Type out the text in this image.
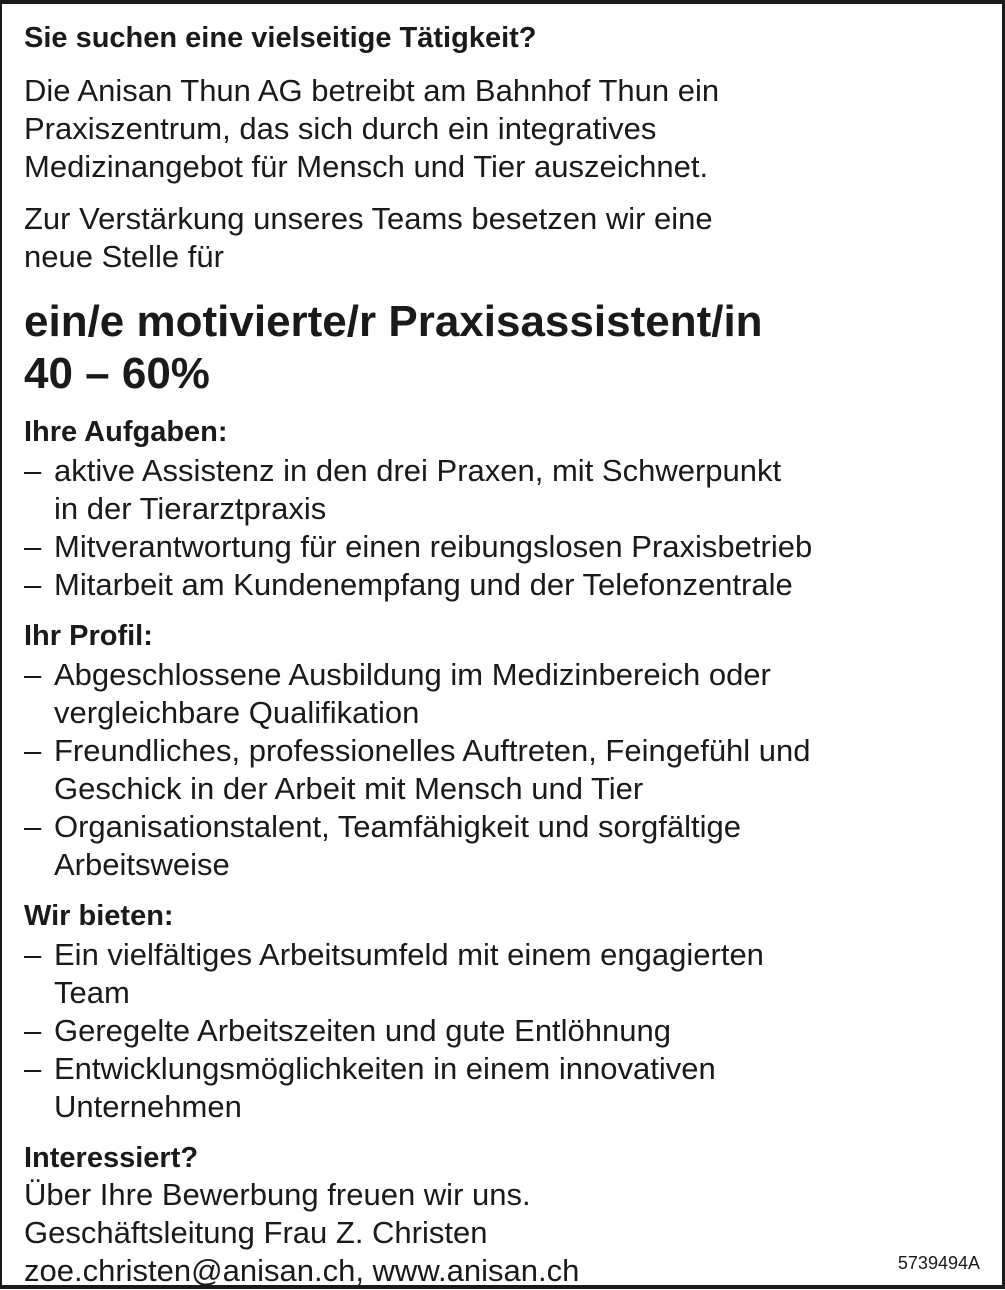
Sie suchen eine vielseitige Tätigkeit?
Die Anisan Thun AG betreibt am Bahnhof Thun ein
Praxiszentrum, das sich durch ein integratives
Medizinangebot für Mensch und Tier auszeichnet.
Zur Verstärkung unseres Teams besetzen wir eine
neue Stelle für
ein/e motivierte/r Praxisassistent/in
40 – 60%
Ihre Aufgaben:
– aktive Assistenz in den drei Praxen, mit Schwerpunkt
in der Tierarztpraxis
– Mitverantwortung für einen reibungslosen Praxisbetrieb
– Mitarbeit am Kundenempfang und der Telefonzentrale
Ihr Profil:
– Abgeschlossene Ausbildung im Medizinbereich oder
vergleichbare Qualifikation
– Freundliches, professionelles Auftreten, Feingefühl und
Geschick in der Arbeit mit Mensch und Tier
– Organisationstalent, Teamfähigkeit und sorgfältige
Arbeitsweise
Wir bieten:
– Ein vielfältiges Arbeitsumfeld mit einem engagierten
Team
– Geregelte Arbeitszeiten und gute Entlöhnung
– Entwicklungsmöglichkeiten in einem innovativen
Unternehmen
Interessiert?
Über Ihre Bewerbung freuen wir uns.
Geschäftsleitung Frau Z. Christen
zoe.christen@anisan.ch, www.anisan.ch	5739494A
